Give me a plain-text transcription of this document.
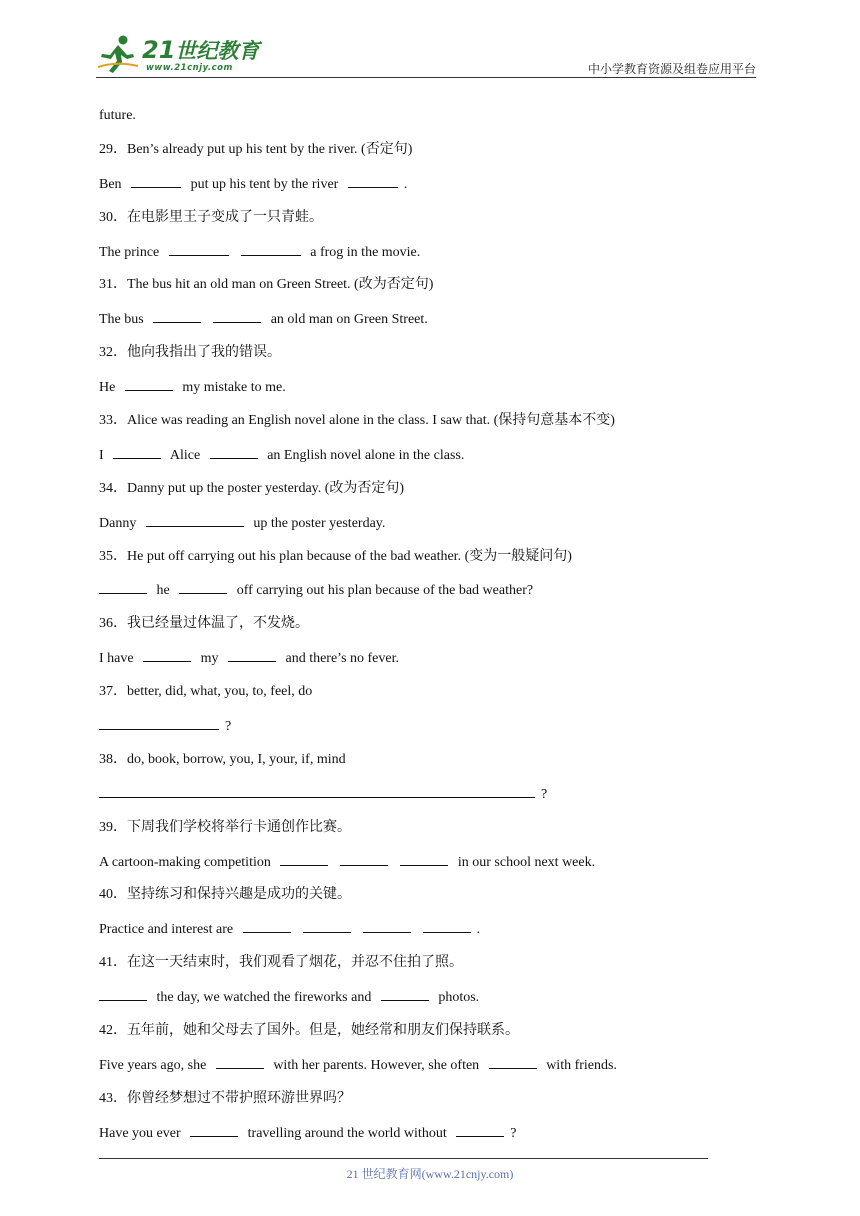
21世纪教育
www.21cnjy.com	中小学教育资源及组卷应用平台
future.
29．Ben’s already put up his tent by the river. (否定句)
Ben	put up his tent by the river	.
30．在电影里王子变成了一只青蛙。
The prince	a frog in the movie.
31．The bus hit an old man on Green Street. (改为否定句)
The bus	an old man on Green Street.
32．他向我指出了我的错误。
He	my mistake to me.
33．Alice was reading an English novel alone in the class. I saw that. (保持句意基本不变)
I	Alice	an English novel alone in the class.
34．Danny put up the poster yesterday. (改为否定句)
Danny	up the poster yesterday.
35．He put off carrying out his plan because of the bad weather. (变为一般疑问句)
he	off carrying out his plan because of the bad weather?
36．我已经量过体温了，不发烧。
I have	my	and there’s no fever.
37．better, did, what, you, to, feel, do
?
38．do, book, borrow, you, I, your, if, mind
?
39．下周我们学校将举行卡通创作比赛。
A cartoon-making competition	in our school next week.
40．坚持练习和保持兴趣是成功的关键。
Practice and interest are	.
41．在这一天结束时，我们观看了烟花，并忍不住拍了照。
the day, we watched the fireworks and	photos.
42．五年前，她和父母去了国外。但是，她经常和朋友们保持联系。
Five years ago, she	with her parents. However, she often	with friends.
43．你曾经梦想过不带护照环游世界吗？
Have you ever	travelling around the world without	?
21 世纪教育网(www.21cnjy.com)
